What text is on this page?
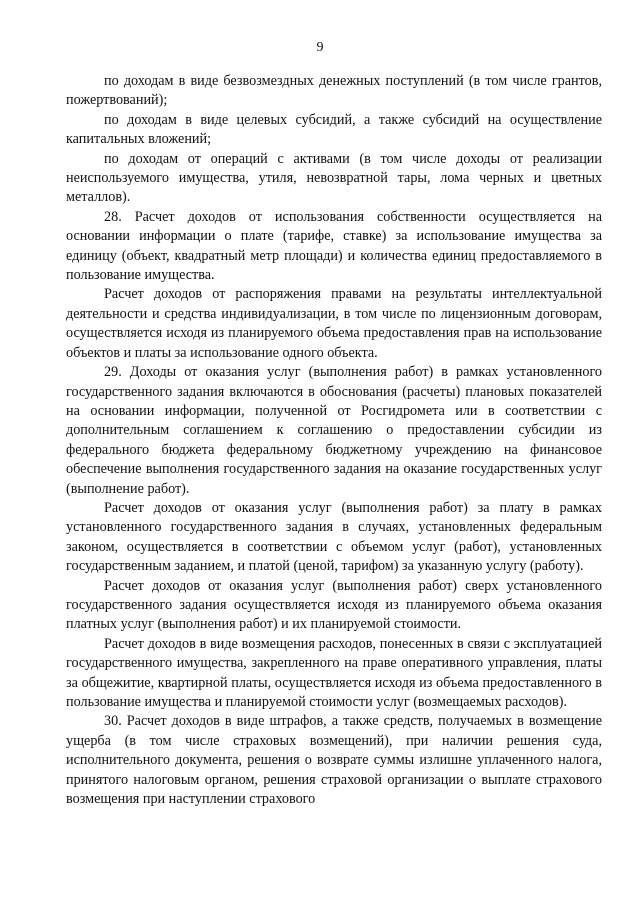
9

по доходам в виде безвозмездных денежных поступлений (в том числе грантов, пожертвований);

по доходам в виде целевых субсидий, а также субсидий на осуществление капитальных вложений;

по доходам от операций с активами (в том числе доходы от реализации неиспользуемого имущества, утиля, невозвратной тары, лома черных и цветных металлов).

28. Расчет доходов от использования собственности осуществляется на основании информации о плате (тарифе, ставке) за использование имущества за единицу (объект, квадратный метр площади) и количества единиц предоставляемого в пользование имущества.

Расчет доходов от распоряжения правами на результаты интеллектуальной деятельности и средства индивидуализации, в том числе по лицензионным договорам, осуществляется исходя из планируемого объема предоставления прав на использование объектов и платы за использование одного объекта.

29. Доходы от оказания услуг (выполнения работ) в рамках установленного государственного задания включаются в обоснования (расчеты) плановых показателей на основании информации, полученной от Росгидромета или в соответствии с дополнительным соглашением к соглашению о предоставлении субсидии из федерального бюджета федеральному бюджетному учреждению на финансовое обеспечение выполнения государственного задания на оказание государственных услуг (выполнение работ).

Расчет доходов от оказания услуг (выполнения работ) за плату в рамках установленного государственного задания в случаях, установленных федеральным законом, осуществляется в соответствии с объемом услуг (работ), установленных государственным заданием, и платой (ценой, тарифом) за указанную услугу (работу).

Расчет доходов от оказания услуг (выполнения работ) сверх установленного государственного задания осуществляется исходя из планируемого объема оказания платных услуг (выполнения работ) и их планируемой стоимости.

Расчет доходов в виде возмещения расходов, понесенных в связи с эксплуатацией государственного имущества, закрепленного на праве оперативного управления, платы за общежитие, квартирной платы, осуществляется исходя из объема предоставленного в пользование имущества и планируемой стоимости услуг (возмещаемых расходов).

30. Расчет доходов в виде штрафов, а также средств, получаемых в возмещение ущерба (в том числе страховых возмещений), при наличии решения суда, исполнительного документа, решения о возврате суммы излишне уплаченного налога, принятого налоговым органом, решения страховой организации о выплате страхового возмещения при наступлении страхового
